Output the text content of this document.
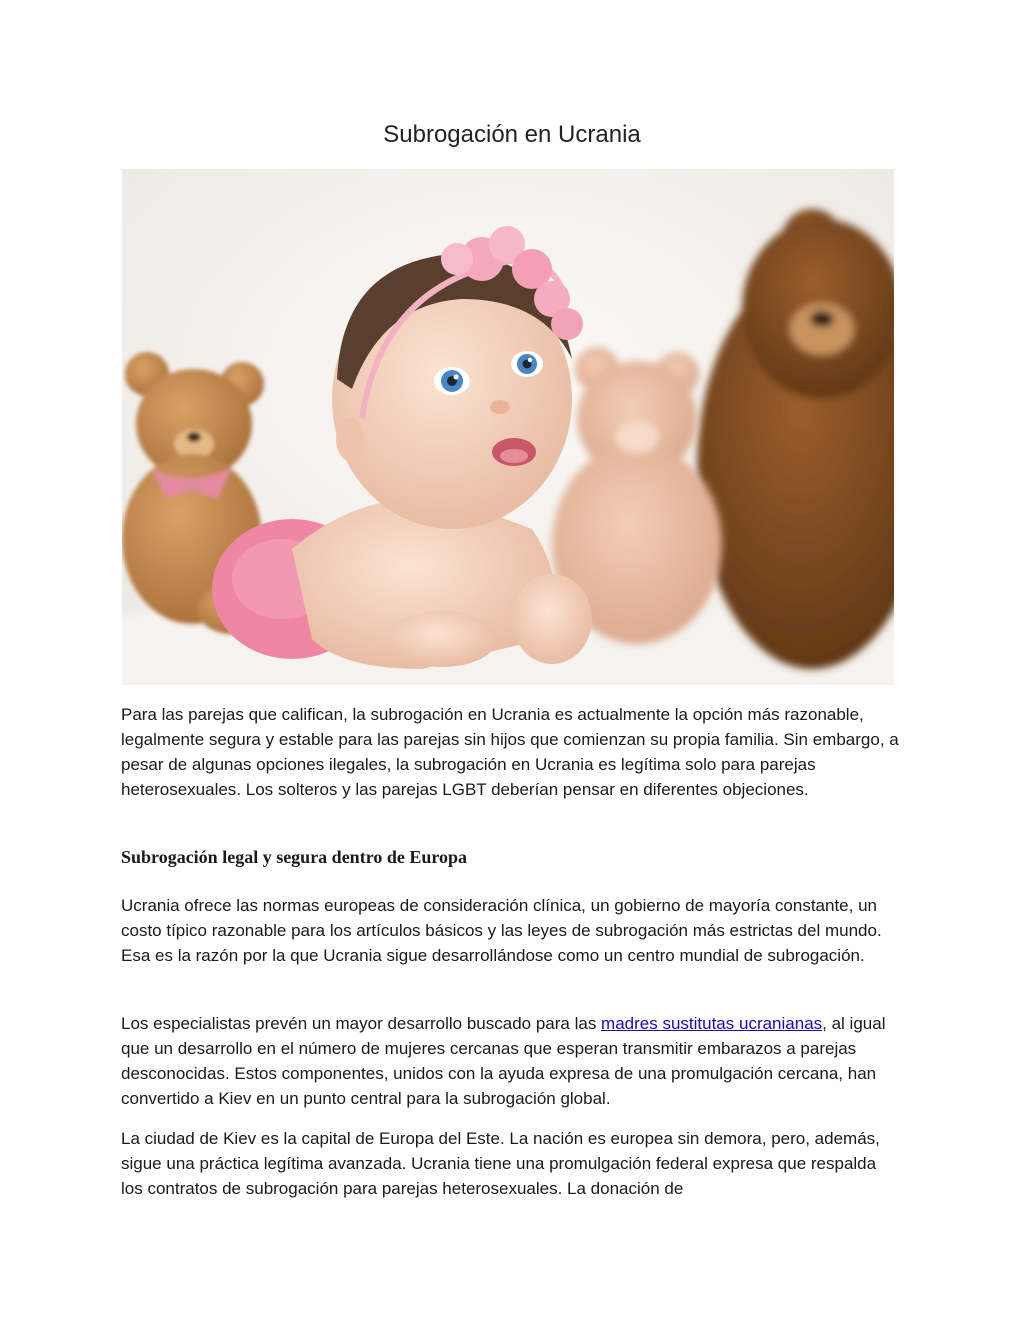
Subrogación en Ucrania
Para las parejas que califican, la subrogación en Ucrania es actualmente la opción más razonable, legalmente segura y estable para las parejas sin hijos que comienzan su propia familia. Sin embargo, a pesar de algunas opciones ilegales, la subrogación en Ucrania es legítima solo para parejas heterosexuales. Los solteros y las parejas LGBT deberían pensar en diferentes objeciones.
Subrogación legal y segura dentro de Europa
Ucrania ofrece las normas europeas de consideración clínica, un gobierno de mayoría constante, un costo típico razonable para los artículos básicos y las leyes de subrogación más estrictas del mundo. Esa es la razón por la que Ucrania sigue desarrollándose como un centro mundial de subrogación.
Los especialistas prevén un mayor desarrollo buscado para las madres sustitutas ucranianas, al igual que un desarrollo en el número de mujeres cercanas que esperan transmitir embarazos a parejas desconocidas. Estos componentes, unidos con la ayuda expresa de una promulgación cercana, han convertido a Kiev en un punto central para la subrogación global.
La ciudad de Kiev es la capital de Europa del Este. La nación es europea sin demora, pero, además, sigue una práctica legítima avanzada. Ucrania tiene una promulgación federal expresa que respalda los contratos de subrogación para parejas heterosexuales. La donación de
